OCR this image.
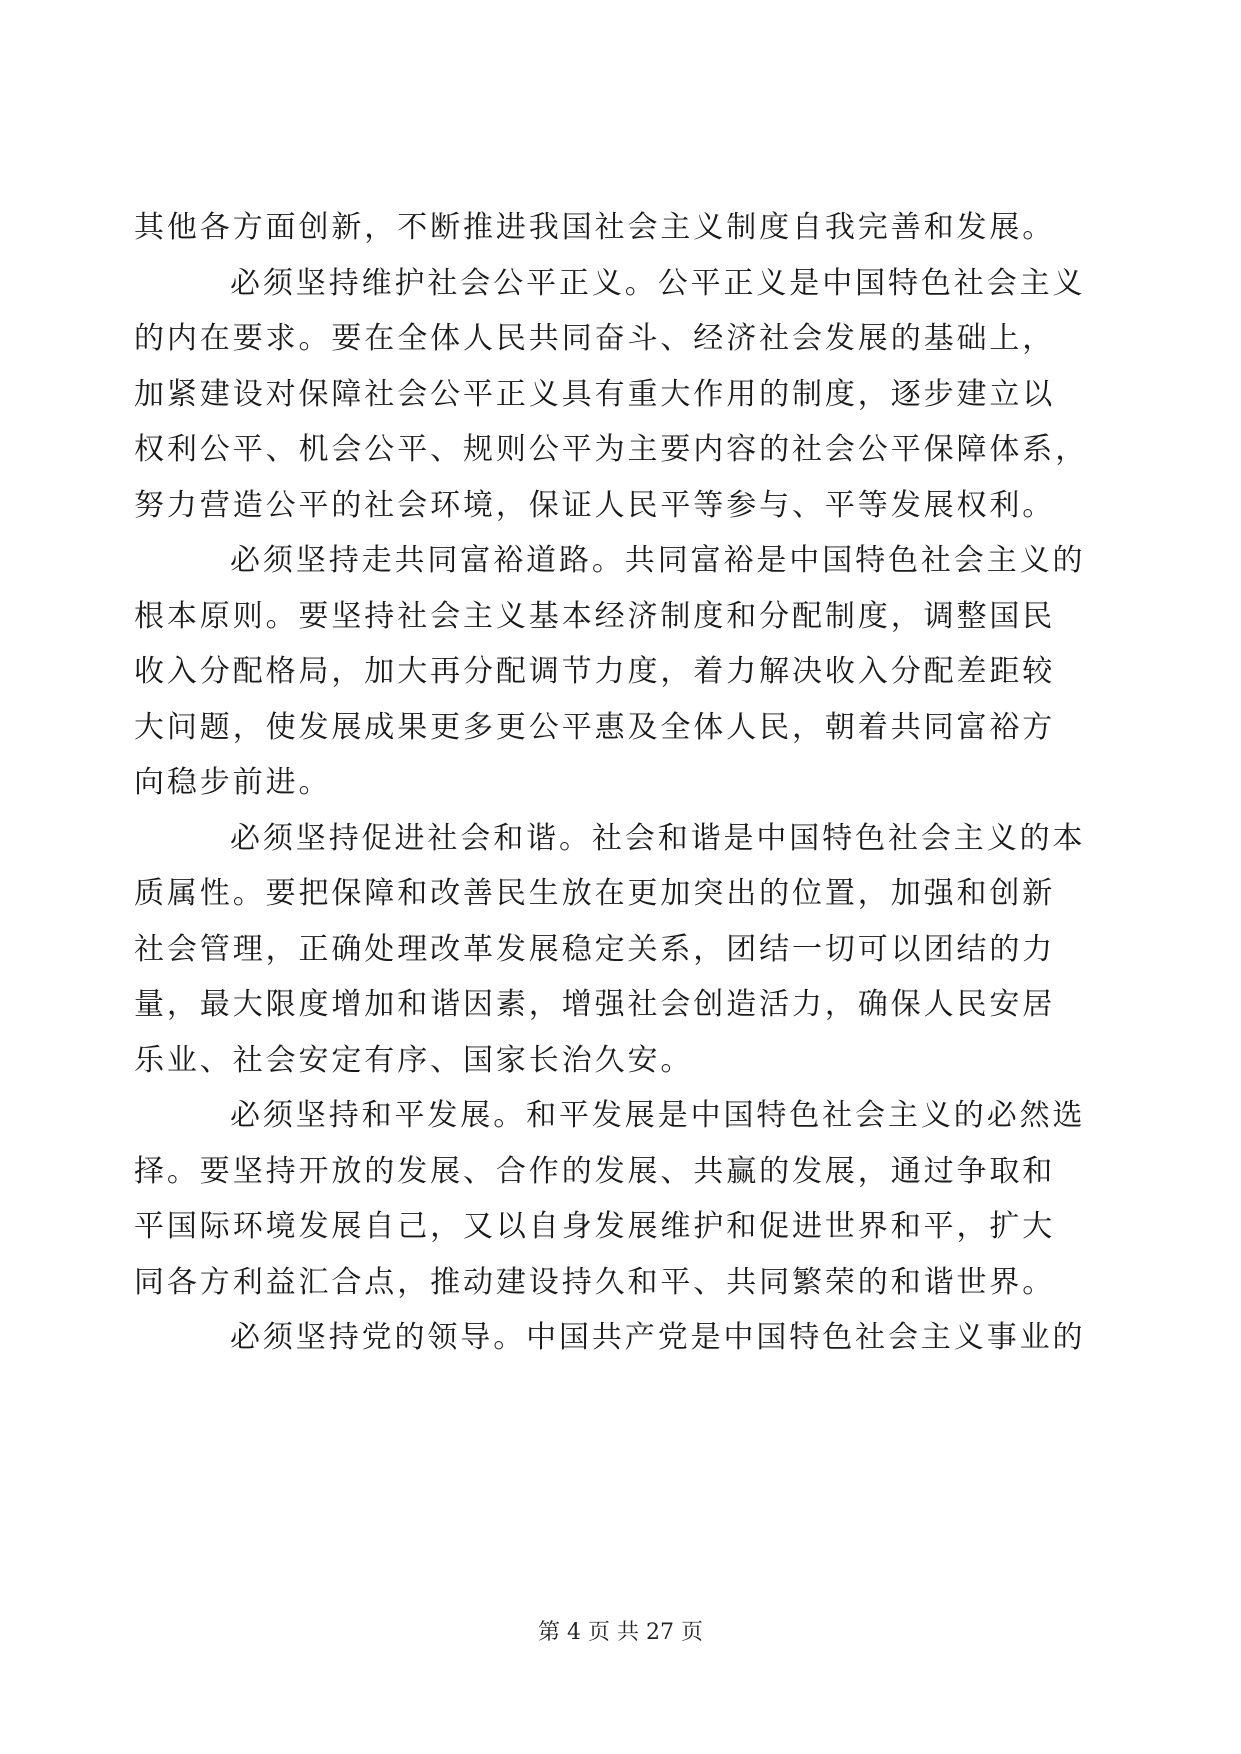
其他各方面创新，不断推进我国社会主义制度自我完善和发展。
必须坚持维护社会公平正义。公平正义是中国特色社会主义
的内在要求。要在全体人民共同奋斗、经济社会发展的基础上，
加紧建设对保障社会公平正义具有重大作用的制度，逐步建立以
权利公平、机会公平、规则公平为主要内容的社会公平保障体系，
努力营造公平的社会环境，保证人民平等参与、平等发展权利。
必须坚持走共同富裕道路。共同富裕是中国特色社会主义的
根本原则。要坚持社会主义基本经济制度和分配制度，调整国民
收入分配格局，加大再分配调节力度，着力解决收入分配差距较
大问题，使发展成果更多更公平惠及全体人民，朝着共同富裕方
向稳步前进。
必须坚持促进社会和谐。社会和谐是中国特色社会主义的本
质属性。要把保障和改善民生放在更加突出的位置，加强和创新
社会管理，正确处理改革发展稳定关系，团结一切可以团结的力
量，最大限度增加和谐因素，增强社会创造活力，确保人民安居
乐业、社会安定有序、国家长治久安。
必须坚持和平发展。和平发展是中国特色社会主义的必然选
择。要坚持开放的发展、合作的发展、共赢的发展，通过争取和
平国际环境发展自己，又以自身发展维护和促进世界和平，扩大
同各方利益汇合点，推动建设持久和平、共同繁荣的和谐世界。
必须坚持党的领导。中国共产党是中国特色社会主义事业的
第 4 页 共 27 页
